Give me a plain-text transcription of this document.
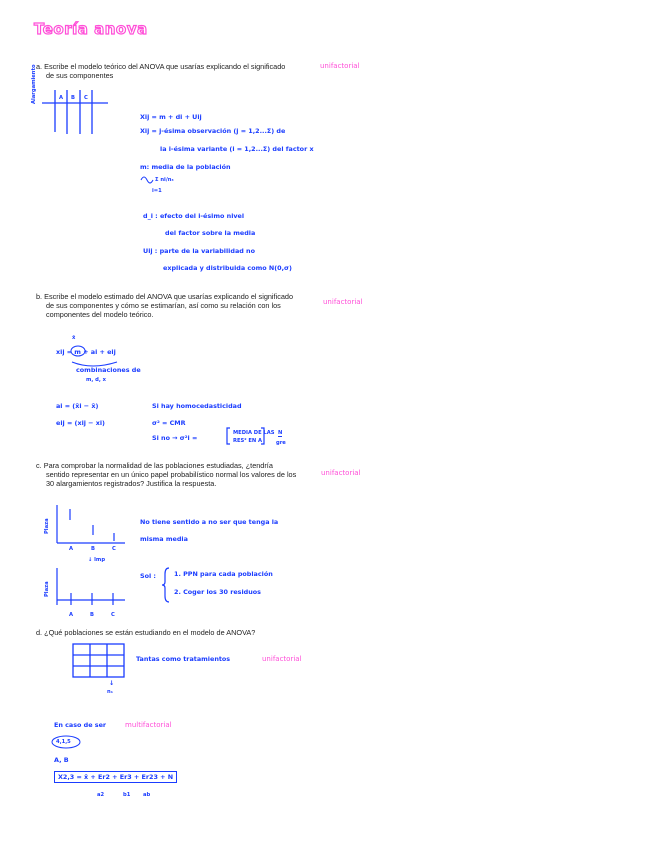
Teoría anova
a. Escribe el modelo teórico del ANOVA que usarías explicando el significado
de sus componentes
unifactorial
Alargamiento	A B C
Xij = m + di + Uij
Xij = j-ésima observación (j = 1,2...Σ) de
la i-ésima variante (i = 1,2...Σ) del factor x
m: media de la población
Σ ni/n₃
i=1
d_i : efecto del i-ésimo nivel
del factor sobre la media
Uij : parte de la variabilidad no
explicada y distribuida como N(0,σ)
b. Escribe el modelo estimado del ANOVA que usarías explicando el significado
de sus componentes y cómo se estimarían, así como su relación con los
componentes del modelo teórico.
unifactorial
x̄
xij = m + ai + eij
combinaciones de
m, d, x
ai = (x̄i − x̄)
eij = (xij − xi)
Si hay homocedasticidad
σ² = CMR
Si no → σ²i =
MEDIA DE LAS
RES² EN A
N
gre
c. Para comprobar la normalidad de las poblaciones estudiadas, ¿tendría
sentido representar en un único papel probabilístico normal los valores de los
30 alargamientos registrados? Justifica la respuesta.
unifactorial
Plaza
A	B	C
↓ lmp
Plaza
A	B	C
No tiene sentido a no ser que tenga la
misma media
Sol :	1. PPN para cada población
2. Coger los 30 residuos
d. ¿Qué poblaciones se están estudiando en el modelo de ANOVA?
Tantas como tratamientos	unifactorial
↓
n₁
En caso de ser	multifactorial
4,1,5
A, B
X2,3 = x̄ + Er2 + Er3 + Er23 + N
a2	b1 ab
